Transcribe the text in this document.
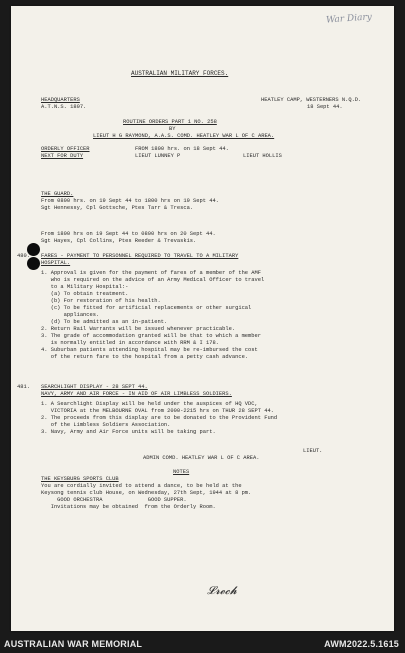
War Diary
AUSTRALIAN MILITARY FORCES.
HEADQUARTERS
A.T.N.S. 1807.
HEATLEY CAMP, WESTERNERS N.Q.D.
18 Sept 44.
ROUTINE ORDERS PART 1 NO. 258
BY
LIEUT H G RAYMOND, A.A.S. COMD. HEATLEY WAR L OF C AREA.
ORDERLY OFFICER	FROM 1800 hrs. on 18 Sept 44.
NEXT FOR DUTY	LIEUT LUNNEY P	LIEUT HOLLIS
THE GUARD.
From 0800 hrs. on 19 Sept 44 to 1800 hrs on 19 Sept 44.
Sgt Hennessy, Cpl Gottsche, Ptes Tarr & Tresca.
From 1800 hrs on 19 Sept 44 to 0800 hrs on 20 Sept 44.
Sgt Hayes, Cpl Collins, Ptes Reeder & Trevaskis.
480. FARES - PAYMENT TO PERSONNEL REQUIRED TO TRAVEL TO A MILITARY
HOSPITAL.
1. Approval is given for the payment of fares of a member of the AMF
who is required on the advice of an Army Medical Officer to travel
to a Military Hospital:-
(a) To obtain treatment.
(b) For restoration of his health.
(c) To be fitted for artificial replacements or other surgical
appliances.
(d) To be admitted as an in-patient.
2. Return Rail Warrants will be issued whenever practicable.
3. The grade of accommodation granted will be that to which a member
is normally entitled in accordance with RRM & I 178.
4. Suburban patients attending hospital may be re-imbursed the cost
of the return fare to the hospital from a petty cash advance.
481. SEARCHLIGHT DISPLAY - 28 SEPT 44.
NAVY, ARMY AND AIR FORCE - IN AID OF AIR LIMBLESS SOLDIERS.
1. A Searchlight Display will be held under the auspices of HQ VDC,
VICTORIA at the MELBOURNE OVAL from 2000-2215 hrs on THUR 28 SEPT 44.
2. The proceeds from this display are to be donated to the Provident Fund
of the Limbless Soldiers Association.
3. Navy, Army and Air Force units will be taking part.
𝓛𝓻𝓮𝓬𝓱
LIEUT.
ADMIN COMD. HEATLEY WAR L OF C AREA.
NOTES
THE KEYSBURG SPORTS CLUB
You are cordially invited to attend a dance, to be held at the
Keysong tennis club House, on Wednesday, 27th Sept, 1944 at 8 pm.
GOOD ORCHESTRA              GOOD SUPPER.
Invitations may be obtained  from the Orderly Room.
AUSTRALIAN WAR MEMORIAL	AWM2022.5.1615
